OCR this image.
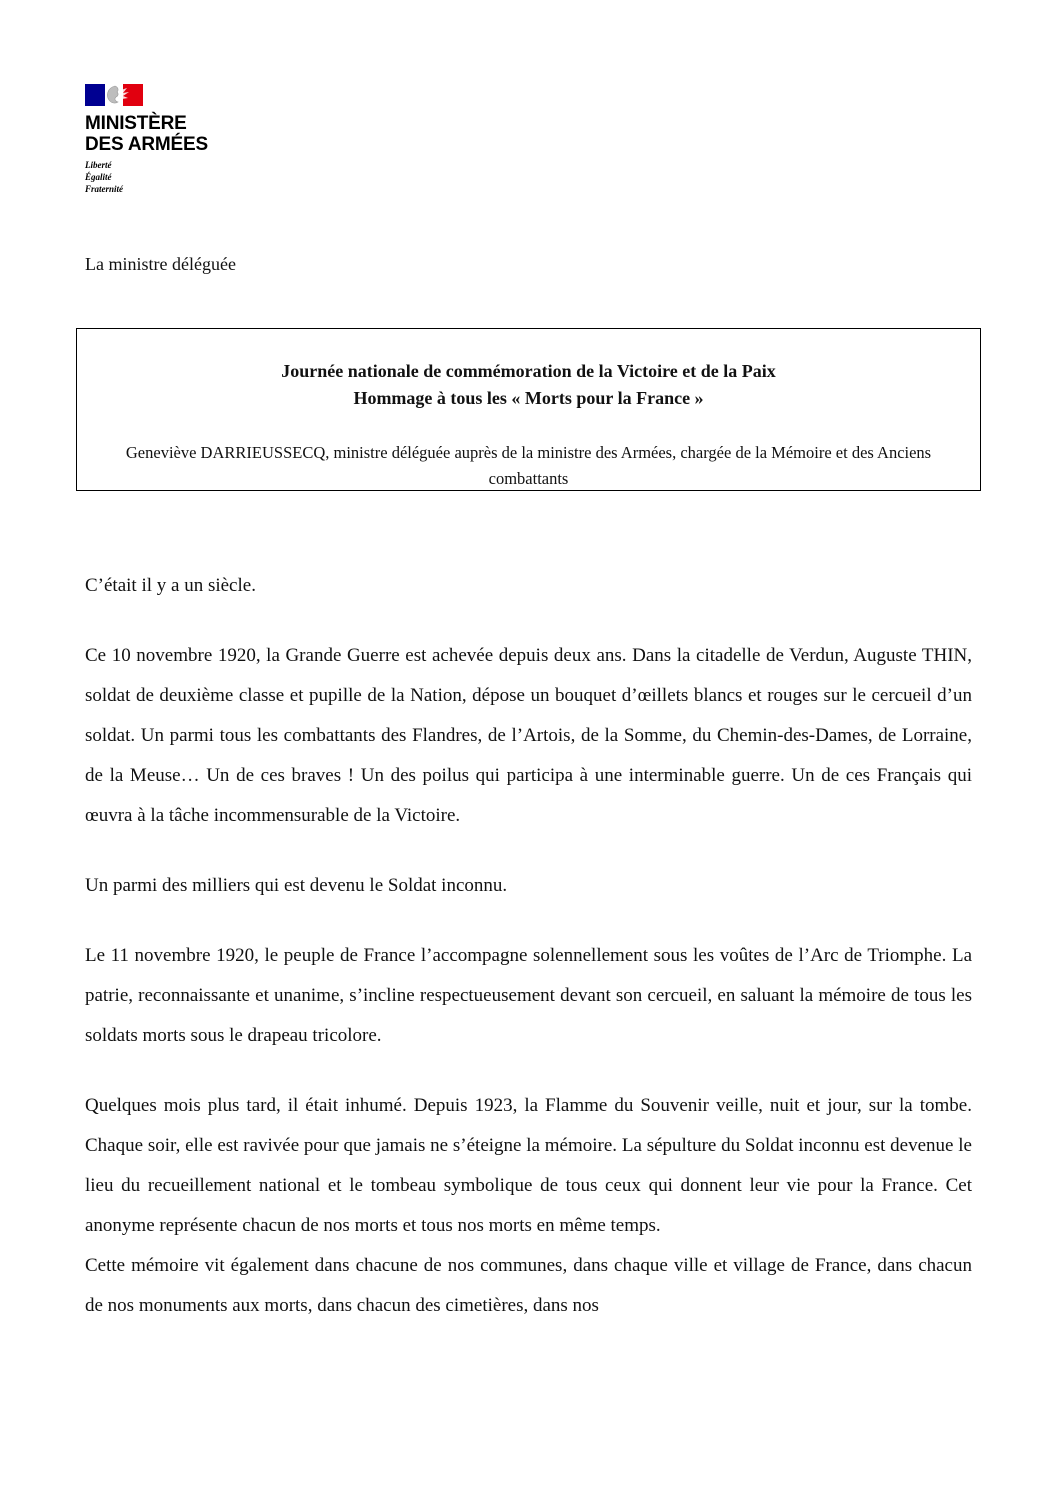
MINISTÈRE
DES ARMÉES
Liberté
Égalité
Fraternité
La ministre déléguée
Journée nationale de commémoration de la Victoire et de la Paix
Hommage à tous les « Morts pour la France »
Geneviève DARRIEUSSECQ, ministre déléguée auprès de la ministre des Armées, chargée de la Mémoire et des Anciens combattants

C’était il y a un siècle.

Ce 10 novembre 1920, la Grande Guerre est achevée depuis deux ans. Dans la citadelle de Verdun, Auguste THIN, soldat de deuxième classe et pupille de la Nation, dépose un bouquet d’œillets blancs et rouges sur le cercueil d’un soldat. Un parmi tous les combattants des Flandres, de l’Artois, de la Somme, du Chemin-des-Dames, de Lorraine, de la Meuse… Un de ces braves ! Un des poilus qui participa à une interminable guerre. Un de ces Français qui œuvra à la tâche incommensurable de la Victoire.

Un parmi des milliers qui est devenu le Soldat inconnu.

Le 11 novembre 1920, le peuple de France l’accompagne solennellement sous les voûtes de l’Arc de Triomphe. La patrie, reconnaissante et unanime, s’incline respectueusement devant son cercueil, en saluant la mémoire de tous les soldats morts sous le drapeau tricolore.

Quelques mois plus tard, il était inhumé. Depuis 1923, la Flamme du Souvenir veille, nuit et jour, sur la tombe. Chaque soir, elle est ravivée pour que jamais ne s’éteigne la mémoire. La sépulture du Soldat inconnu est devenue le lieu du recueillement national et le tombeau symbolique de tous ceux qui donnent leur vie pour la France. Cet anonyme représente chacun de nos morts et tous nos morts en même temps.

Cette mémoire vit également dans chacune de nos communes, dans chaque ville et village de France, dans chacun de nos monuments aux morts, dans chacun des cimetières, dans nos
